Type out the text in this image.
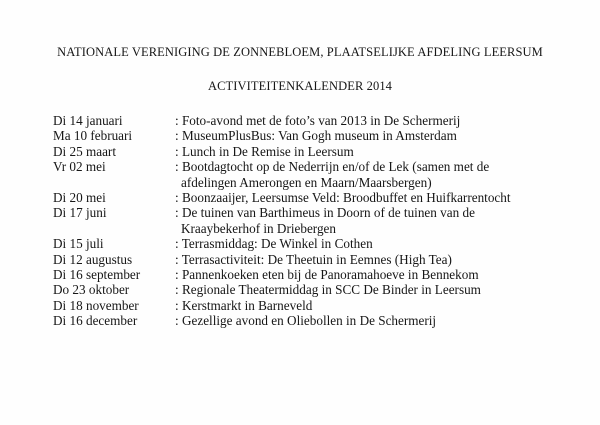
NATIONALE VERENIGING DE ZONNEBLOEM, PLAATSELIJKE AFDELING LEERSUM
ACTIVITEITENKALENDER 2014
Di 14 januari	: Foto-avond met de foto’s van 2013 in De Schermerij
Ma 10 februari	: MuseumPlusBus: Van Gogh museum in Amsterdam
Di 25 maart	: Lunch in De Remise in Leersum
Vr 02 mei	: Bootdagtocht op de Nederrijn en/of de Lek (samen met de
afdelingen Amerongen en Maarn/Maarsbergen)
Di 20 mei	: Boonzaaijer, Leersumse Veld: Broodbuffet en Huifkarrentocht
Di 17 juni	: De tuinen van Barthimeus in Doorn of de tuinen van de
Kraaybekerhof in Driebergen
Di 15 juli	: Terrasmiddag: De Winkel in Cothen
Di 12 augustus	: Terrasactiviteit: De Theetuin in Eemnes (High Tea)
Di 16 september	: Pannenkoeken eten bij de Panoramahoeve in Bennekom
Do 23 oktober	: Regionale Theatermiddag in SCC De Binder in Leersum
Di 18 november	: Kerstmarkt in Barneveld
Di 16 december	: Gezellige avond en Oliebollen in De Schermerij
